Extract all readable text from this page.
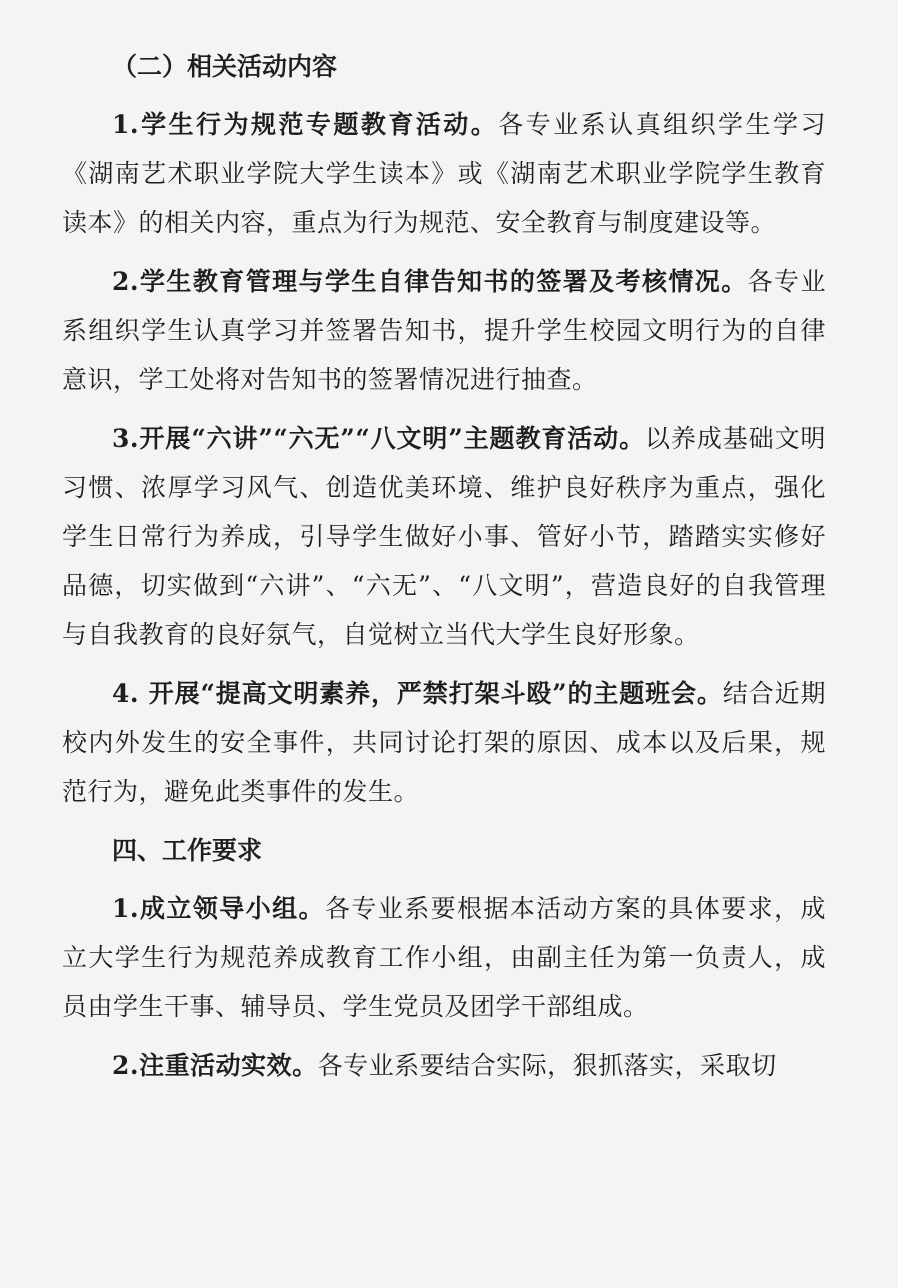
（二）相关活动内容

1.学生行为规范专题教育活动。各专业系认真组织学生学习《湖南艺术职业学院大学生读本》或《湖南艺术职业学院学生教育读本》的相关内容，重点为行为规范、安全教育与制度建设等。

2.学生教育管理与学生自律告知书的签署及考核情况。各专业系组织学生认真学习并签署告知书，提升学生校园文明行为的自律意识，学工处将对告知书的签署情况进行抽查。

3.开展“六讲”“六无”“八文明”主题教育活动。以养成基础文明习惯、浓厚学习风气、创造优美环境、维护良好秩序为重点，强化学生日常行为养成，引导学生做好小事、管好小节，踏踏实实修好品德，切实做到“六讲”、“六无”、“八文明”，营造良好的自我管理与自我教育的良好氛气，自觉树立当代大学生良好形象。

4. 开展“提高文明素养，严禁打架斗殴”的主题班会。结合近期校内外发生的安全事件，共同讨论打架的原因、成本以及后果，规范行为，避免此类事件的发生。

四、工作要求

1.成立领导小组。各专业系要根据本活动方案的具体要求，成立大学生行为规范养成教育工作小组，由副主任为第一负责人，成员由学生干事、辅导员、学生党员及团学干部组成。

2.注重活动实效。各专业系要结合实际，狠抓落实，采取切
